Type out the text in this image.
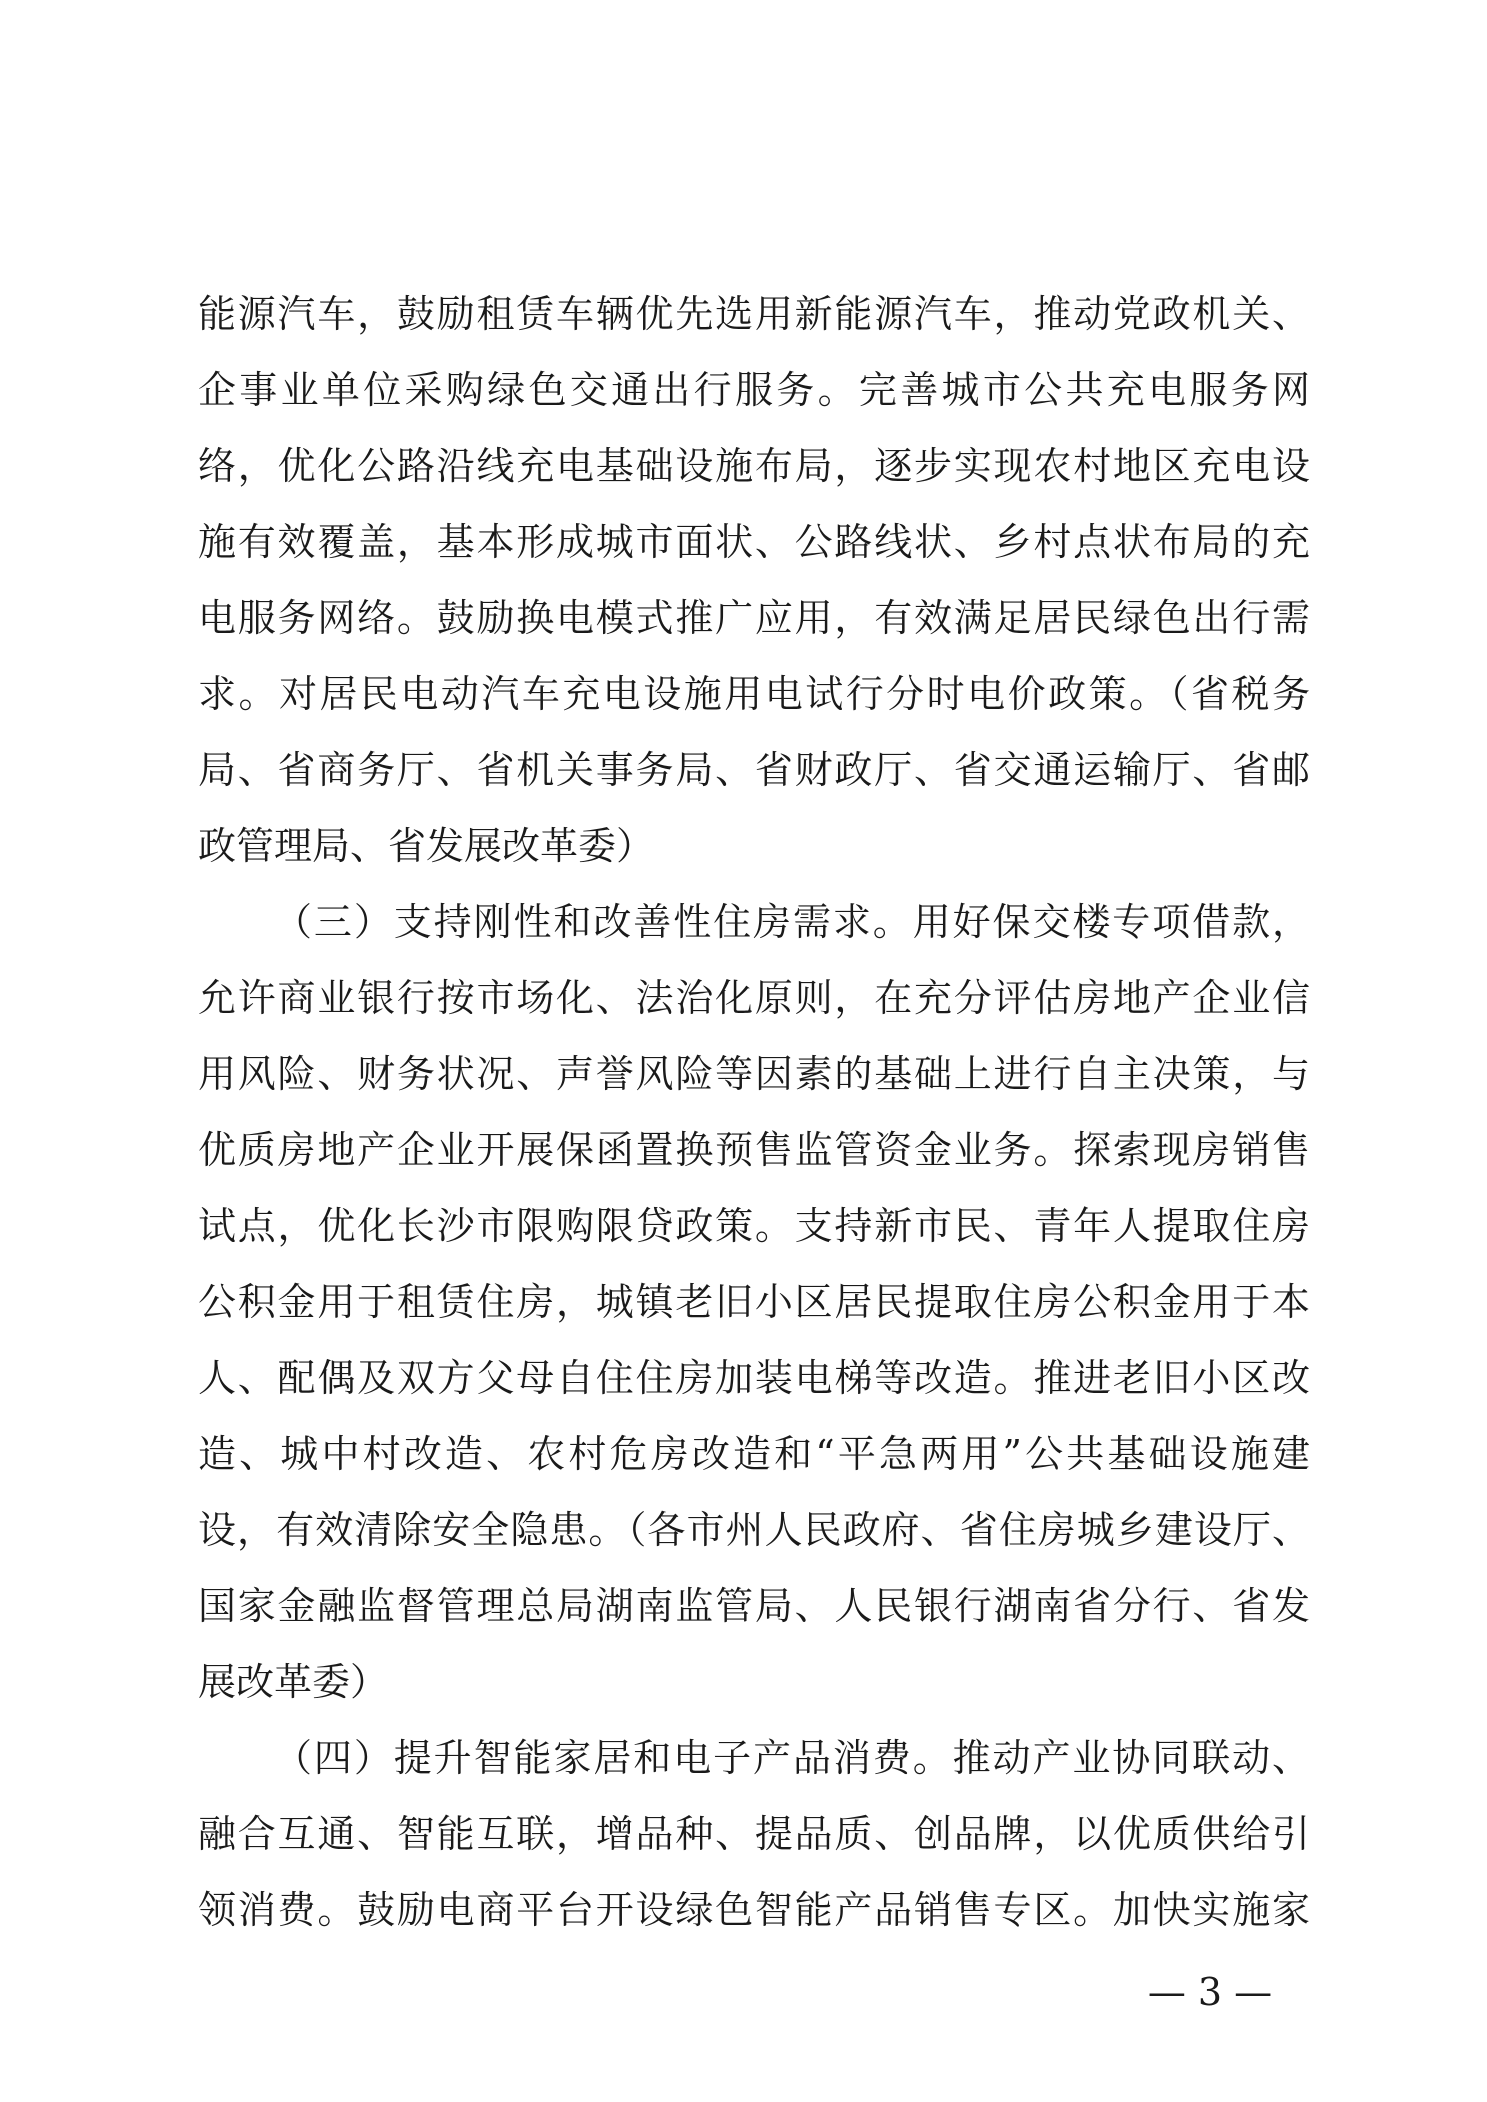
能源汽车，鼓励租赁车辆优先选用新能源汽车，推动党政机关、
企事业单位采购绿色交通出行服务。完善城市公共充电服务网
络，优化公路沿线充电基础设施布局，逐步实现农村地区充电设
施有效覆盖，基本形成城市面状、公路线状、乡村点状布局的充
电服务网络。鼓励换电模式推广应用，有效满足居民绿色出行需
求。对居民电动汽车充电设施用电试行分时电价政策。（省税务
局、省商务厅、省机关事务局、省财政厅、省交通运输厅、省邮
政管理局、省发展改革委）
（三）支持刚性和改善性住房需求。用好保交楼专项借款，
允许商业银行按市场化、法治化原则，在充分评估房地产企业信
用风险、财务状况、声誉风险等因素的基础上进行自主决策，与
优质房地产企业开展保函置换预售监管资金业务。探索现房销售
试点，优化长沙市限购限贷政策。支持新市民、青年人提取住房
公积金用于租赁住房，城镇老旧小区居民提取住房公积金用于本
人、配偶及双方父母自住住房加装电梯等改造。推进老旧小区改
造、城中村改造、农村危房改造和“平急两用”公共基础设施建
设，有效清除安全隐患。（各市州人民政府、省住房城乡建设厅、
国家金融监督管理总局湖南监管局、人民银行湖南省分行、省发
展改革委）
（四）提升智能家居和电子产品消费。推动产业协同联动、
融合互通、智能互联，增品种、提品质、创品牌，以优质供给引
领消费。鼓励电商平台开设绿色智能产品销售专区。加快实施家
— 3 —
